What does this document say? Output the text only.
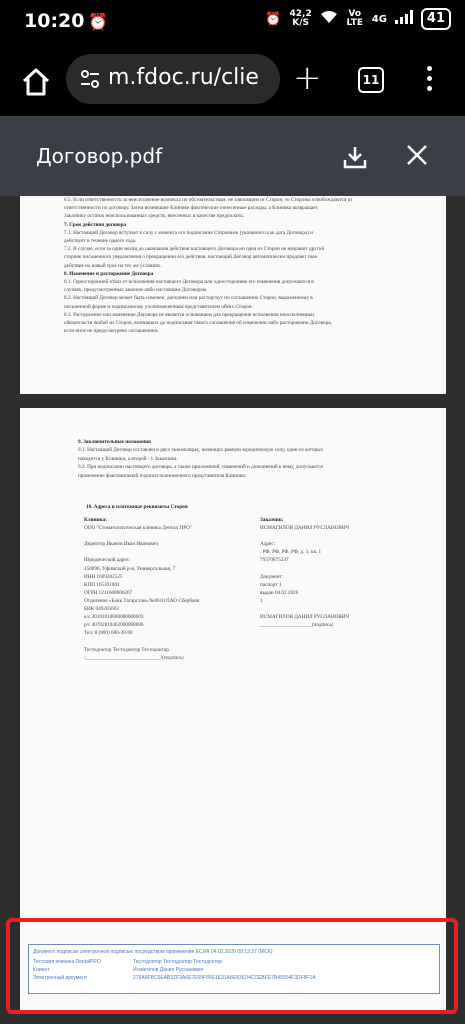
10:20 ⏰	⏰ 42,2
K/S
Vo LTE 4G	41
m.fdoc.ru/clie	+	11
Договор.pdf
6.5. Если ответственность за неисполнение возникла по обстоятельствам, не зависящим от Сторон, то Стороны освобождаются от
ответственности по договору. Затем возникшие Клинике фактические понесенные расходы, а Клиника возвращает
Заказчику остаток неиспользованных средств, внесенных в качестве предоплаты.
7. Срок действия договора
7.1. Настоящий Договор вступает в силу с момента его подписания Сторонами (указанного как дата Договора) и
действует в течение одного года.
7.2. В случае, если за один месяц до окончания действия настоящего Договора ни одна из Сторон не направит другой
стороне письменного уведомления о прекращении его действия, настоящий Договор автоматически продляет свое
действие на новый срок на тех же условиях.
8. Изменение и расторжение Договора
8.1. Односторонний отказ от исполнения настоящего Договора или односторонние его изменения допускаются в
случаях, предусмотренных законом либо настоящим Договором.
8.2. Настоящий Договор может быть изменен, дополнен или расторгнут по соглашению Сторон, выраженному в
письменной форме и подписанному уполномоченным представителем обеих Сторон.
8.3. Расторжение или изменение Договора не является основанием для прекращения исполнения неисполненных
обязательств любой из Сторон, возникших до подписания такого соглашения об изменении либо расторжении Договора,
если иное не предусмотрено соглашением.
9. Заключительные положения
9.1. Настоящий Договор составлен в двух экземплярах, имеющих равную юридическую силу, один из которых
находится у Клиники, а второй - у Заказчика.
9.2. При подписании настоящего договора, а также приложений, изменений и дополнений к нему, допускается
применение факсимильной подписи полномочного представителя Клиники.
10. Адреса и платежные реквизиты Сторон
Клиника:
ООО "Стоматологическая клиника Дентал ПРО"

Директор Иванов Иван Иванович

Юридический адрес:
450096, Уфимский р-н, Универсальная, 7
ИНН 1609282525
КПП 165301001
ОГРН 1211600006267
Отделение «Банк Татарстан» №8610 ПАО Сбербанк
БИК 049205603
к/с 30101810600000000603
р/с 40702810462000008006
Тел: 8 (800) 600-30-98

Тестодоктор Тестодоктор Тестодоктор
/_____________________________/(подпись)
Заказчик:
ИСМАГИЛОВ ДАНИЛ РУСЛАНОВИЧ

Адрес:
, РФ, РФ, РФ, РФ, д. 1, кв. 1
79370875237

Документ:
паспорт 1
выдан 04.02.2026
1

ИСМАГИЛОВ ДАНИЛ РУСЛАНОВИЧ
____________________(подпись)
Документ подписан электронной подписью посредством применения ЕСИА 04.02.2026 09:13:37 (MCK)
Тестовая клиника DentalPRO	Тестодоктор Тестодоктор Тестодоктор
Клиент	Исмагилов Данил Русланович
Электронный документ	279A9FBC6EAB3ZF3A6E7E09F85E1E31A8E836D4CCEBFE7B49304F3DF8F1A
